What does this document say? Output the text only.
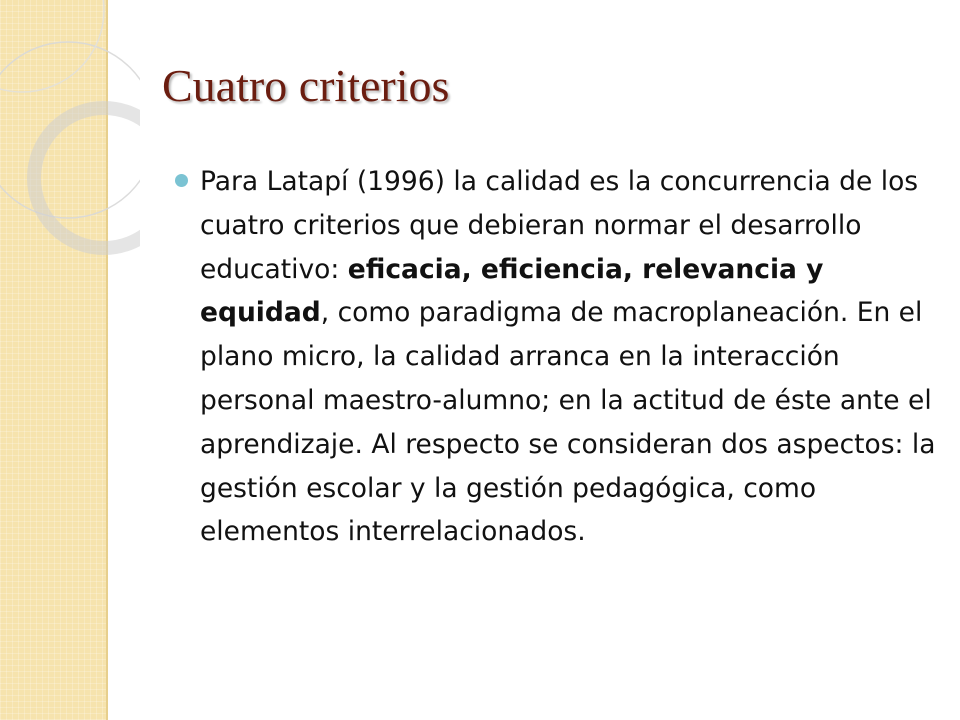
Cuatro criterios

Para Latapí (1996) la calidad es la concurrencia de los cuatro criterios que debieran normar el desarrollo educativo: eficacia, eficiencia, relevancia y equidad, como paradigma de macroplaneación. En el plano micro, la calidad arranca en la interacción personal maestro-alumno; en la actitud de éste ante el aprendizaje. Al respecto se consideran dos aspectos: la gestión escolar y la gestión pedagógica, como elementos interrelacionados.
